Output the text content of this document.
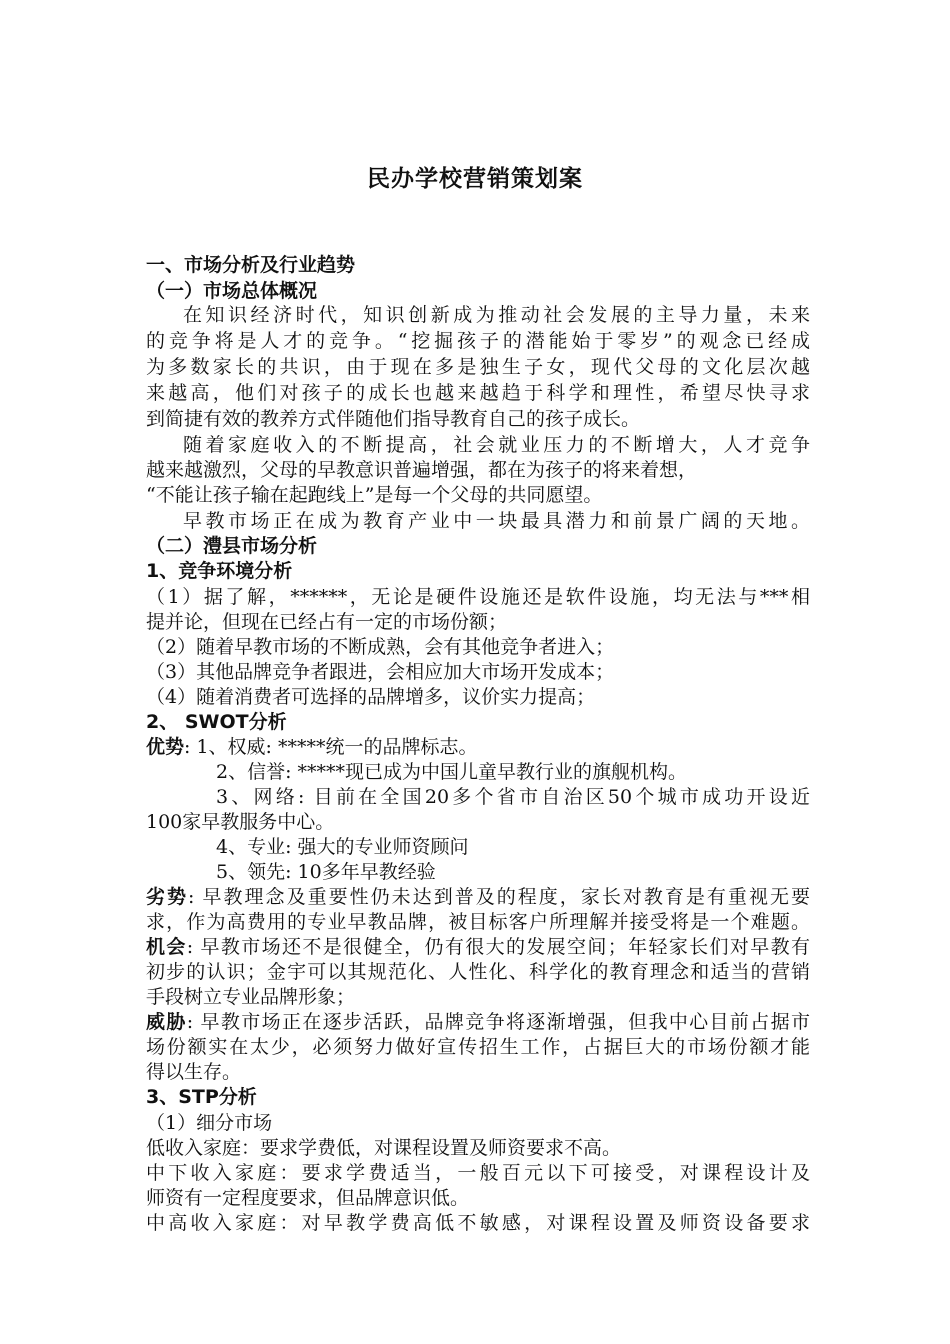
民办学校营销策划案
一、市场分析及行业趋势
（一）市场总体概况
在知识经济时代，知识创新成为推动社会发展的主导力量，未来
的竞争将是人才的竞争。“挖掘孩子的潜能始于零岁”的观念已经成
为多数家长的共识，由于现在多是独生子女，现代父母的文化层次越
来越高，他们对孩子的成长也越来越趋于科学和理性，希望尽快寻求
到简捷有效的教养方式伴随他们指导教育自己的孩子成长。
随着家庭收入的不断提高，社会就业压力的不断增大，人才竞争
越来越激烈，父母的早教意识普遍增强，都在为孩子的将来着想，
“不能让孩子输在起跑线上”是每一个父母的共同愿望。
早教市场正在成为教育产业中一块最具潜力和前景广阔的天地。
（二）澧县市场分析
1、竞争环境分析
（1）据了解，******，无论是硬件设施还是软件设施，均无法与***相
提并论，但现在已经占有一定的市场份额；
（2）随着早教市场的不断成熟，会有其他竞争者进入；
（3）其他品牌竞争者跟进，会相应加大市场开发成本；
（4）随着消费者可选择的品牌增多，议价实力提高；
2、 SWOT分析
优势: 1、权威: *****统一的品牌标志。
2、信誉: *****现已成为中国儿童早教行业的旗舰机构。
3、网络: 目前在全国20多个省市自治区50个城市成功开设近
100家早教服务中心。
4、专业: 强大的专业师资顾问
5、领先: 10多年早教经验
劣势: 早教理念及重要性仍未达到普及的程度，家长对教育是有重视无要
求，作为高费用的专业早教品牌，被目标客户所理解并接受将是一个难题。
机会: 早教市场还不是很健全，仍有很大的发展空间；年轻家长们对早教有
初步的认识；金宇可以其规范化、人性化、科学化的教育理念和适当的营销
手段树立专业品牌形象；
威胁: 早教市场正在逐步活跃，品牌竞争将逐渐增强，但我中心目前占据市
场份额实在太少，必须努力做好宣传招生工作，占据巨大的市场份额才能
得以生存。
3、STP分析
（1）细分市场
低收入家庭：要求学费低，对课程设置及师资要求不高。
中下收入家庭：要求学费适当，一般百元以下可接受，对课程设计及
师资有一定程度要求，但品牌意识低。
中高收入家庭：对早教学费高低不敏感，对课程设置及师资设备要求
